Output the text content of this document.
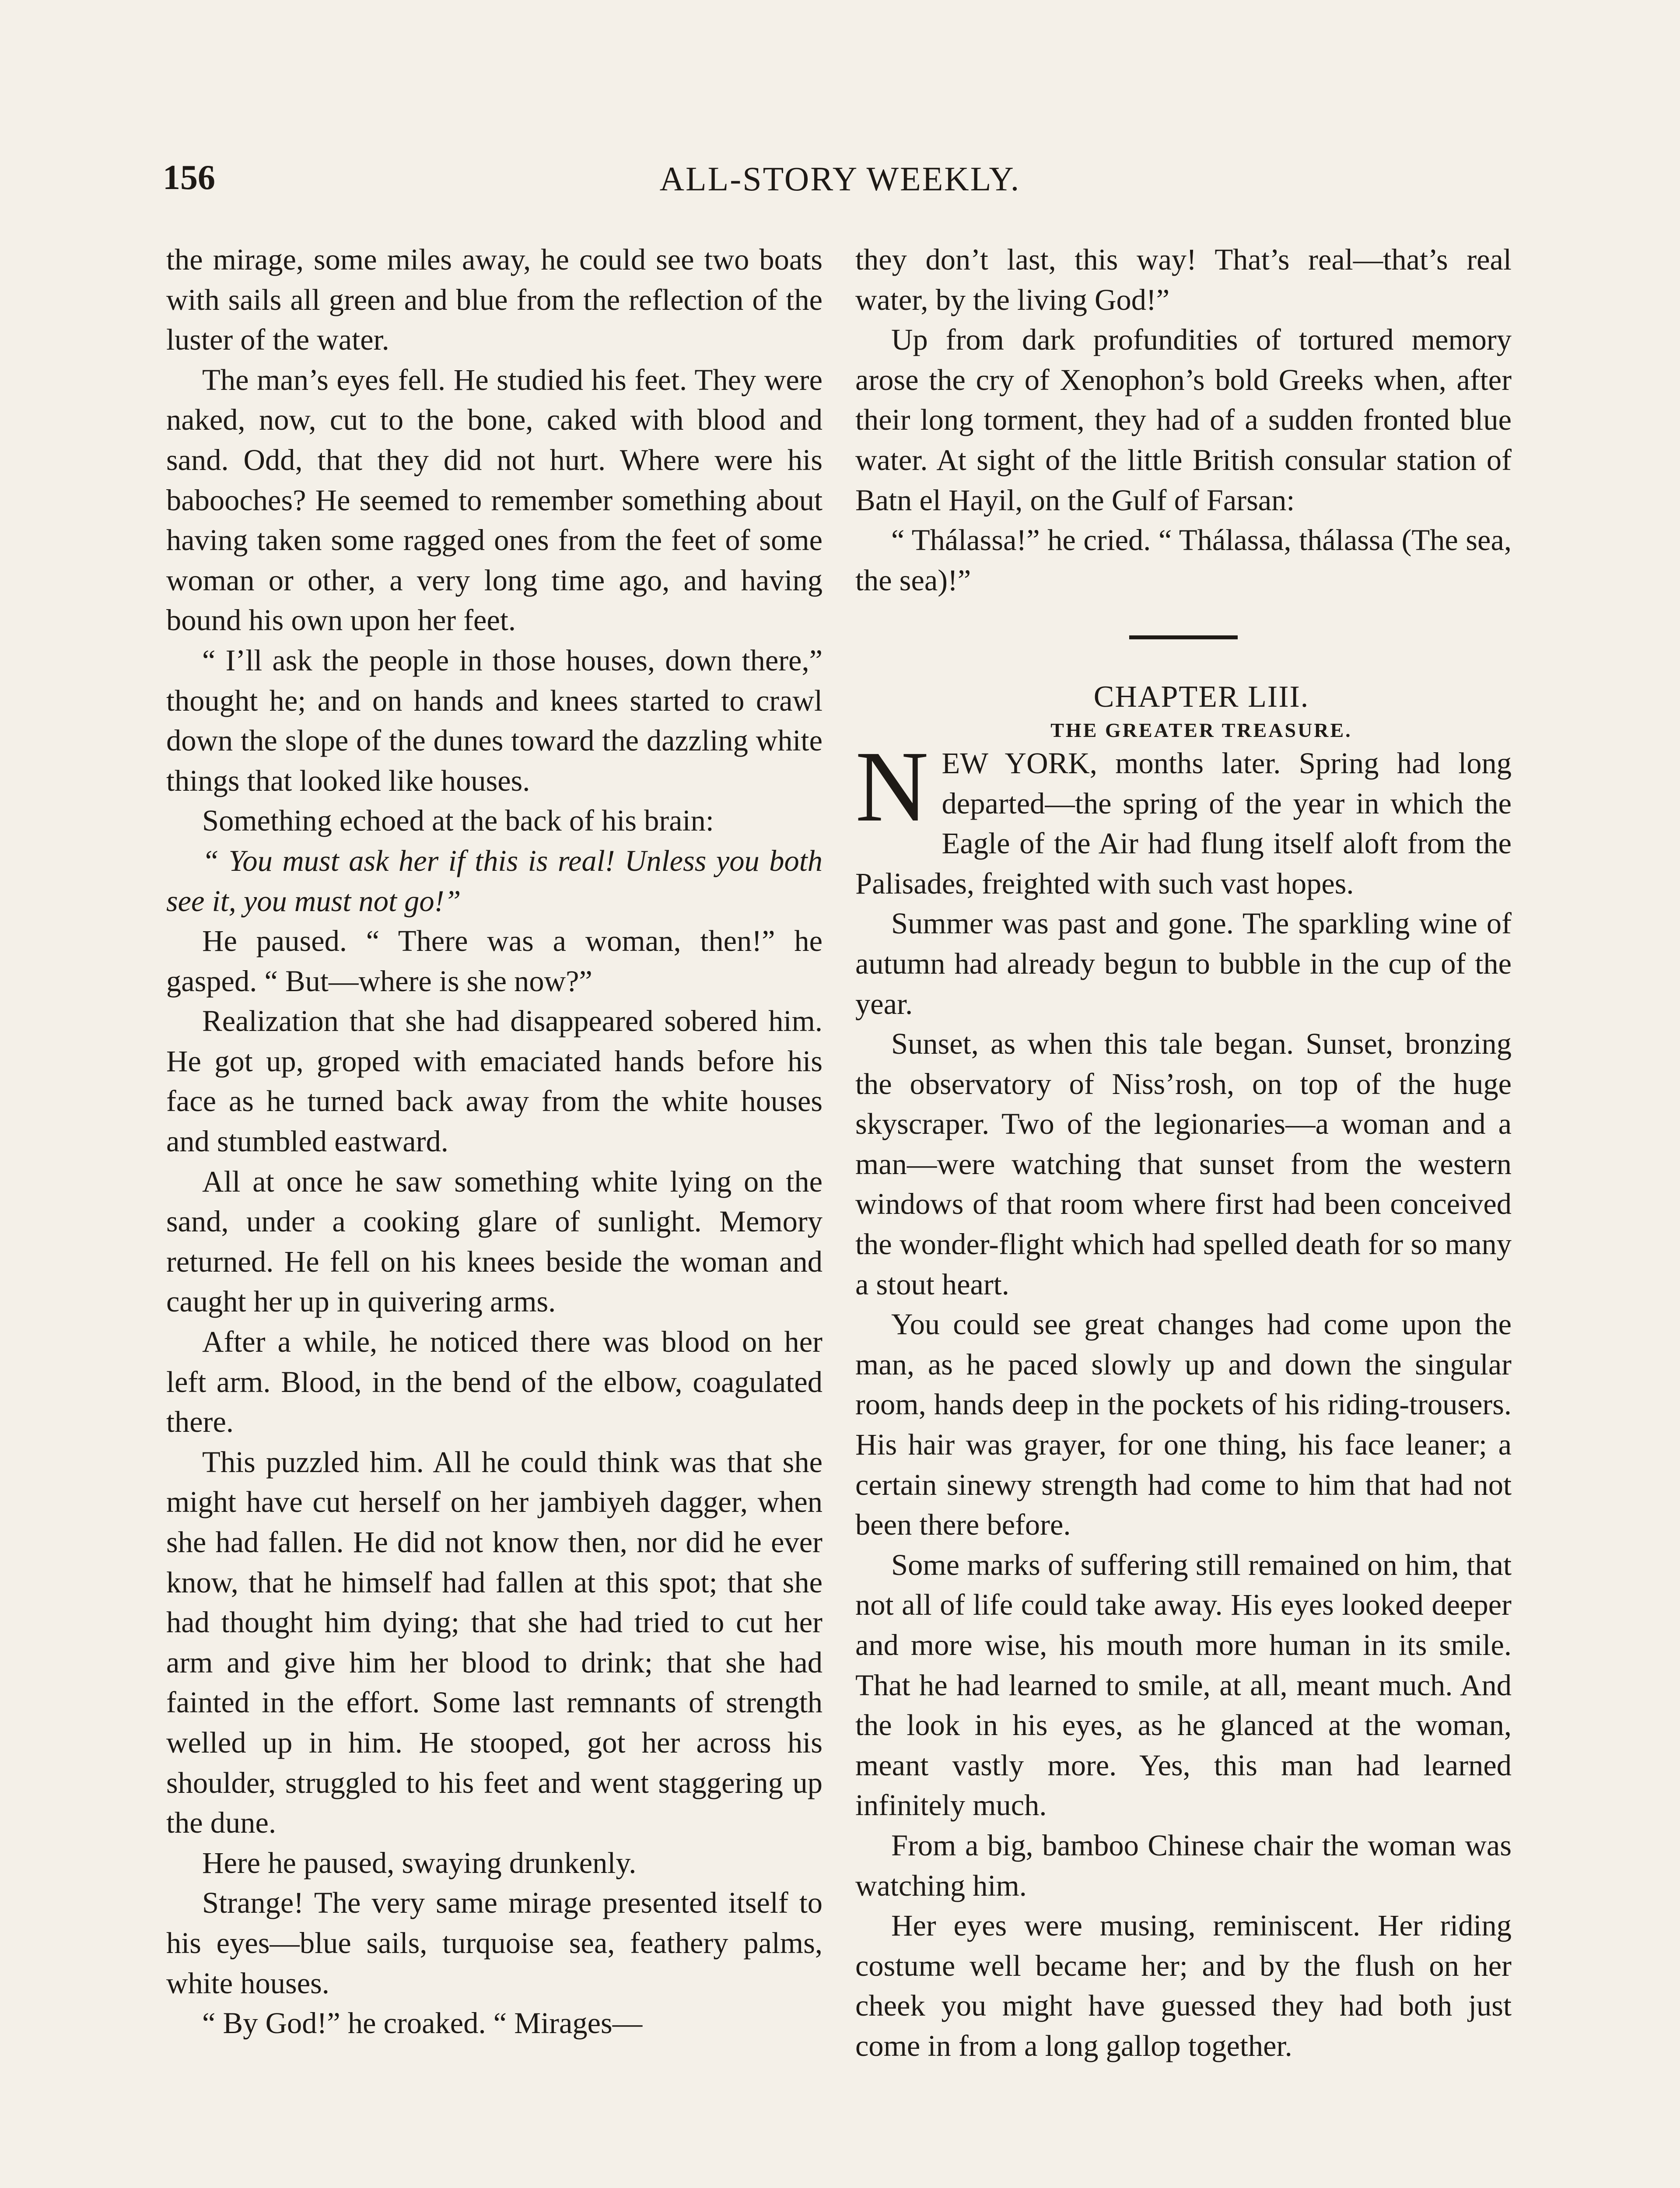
156	ALL-STORY WEEKLY.

the mirage, some miles away, he could see two boats with sails all green and blue from the reflection of the luster of the water.

The man’s eyes fell. He studied his feet. They were naked, now, cut to the bone, caked with blood and sand. Odd, that they did not hurt. Where were his babooches? He seemed to remember something about having taken some ragged ones from the feet of some woman or other, a very long time ago, and having bound his own upon her feet.

“ I’ll ask the people in those houses, down there,” thought he; and on hands and knees started to crawl down the slope of the dunes toward the dazzling white things that looked like houses.

Something echoed at the back of his brain:

“ You must ask her if this is real! Unless you both see it, you must not go!”

He paused. “ There was a woman, then!” he gasped. “ But—where is she now?”

Realization that she had disappeared sobered him. He got up, groped with emaciated hands before his face as he turned back away from the white houses and stumbled eastward.

All at once he saw something white lying on the sand, under a cooking glare of sunlight. Memory returned. He fell on his knees beside the woman and caught her up in quivering arms.

After a while, he noticed there was blood on her left arm. Blood, in the bend of the elbow, coagulated there.

This puzzled him. All he could think was that she might have cut herself on her jambiyeh dagger, when she had fallen. He did not know then, nor did he ever know, that he himself had fallen at this spot; that she had thought him dying; that she had tried to cut her arm and give him her blood to drink; that she had fainted in the effort. Some last remnants of strength welled up in him. He stooped, got her across his shoulder, struggled to his feet and went staggering up the dune.

Here he paused, swaying drunkenly.

Strange! The very same mirage presented itself to his eyes—blue sails, turquoise sea, feathery palms, white houses.

“ By God!” he croaked. “ Mirages—

they don’t last, this way! That’s real—that’s real water, by the living God!”

Up from dark profundities of tortured memory arose the cry of Xenophon’s bold Greeks when, after their long torment, they had of a sudden fronted blue water. At sight of the little British consular station of Batn el Hayil, on the Gulf of Farsan:

“ Thálassa!” he cried. “ Thálassa, thálassa (The sea, the sea)!”

CHAPTER LIII.

THE GREATER TREASURE.

NEW YORK, months later. Spring had long departed—the spring of the year in which the Eagle of the Air had flung itself aloft from the Palisades, freighted with such vast hopes.

Summer was past and gone. The sparkling wine of autumn had already begun to bubble in the cup of the year.

Sunset, as when this tale began. Sunset, bronzing the observatory of Niss’rosh, on top of the huge skyscraper. Two of the legionaries—a woman and a man—were watching that sunset from the western windows of that room where first had been conceived the wonder-flight which had spelled death for so many a stout heart.

You could see great changes had come upon the man, as he paced slowly up and down the singular room, hands deep in the pockets of his riding-trousers. His hair was grayer, for one thing, his face leaner; a certain sinewy strength had come to him that had not been there before.

Some marks of suffering still remained on him, that not all of life could take away. His eyes looked deeper and more wise, his mouth more human in its smile. That he had learned to smile, at all, meant much. And the look in his eyes, as he glanced at the woman, meant vastly more. Yes, this man had learned infinitely much.

From a big, bamboo Chinese chair the woman was watching him.

Her eyes were musing, reminiscent. Her riding costume well became her; and by the flush on her cheek you might have guessed they had both just come in from a long gallop together.
